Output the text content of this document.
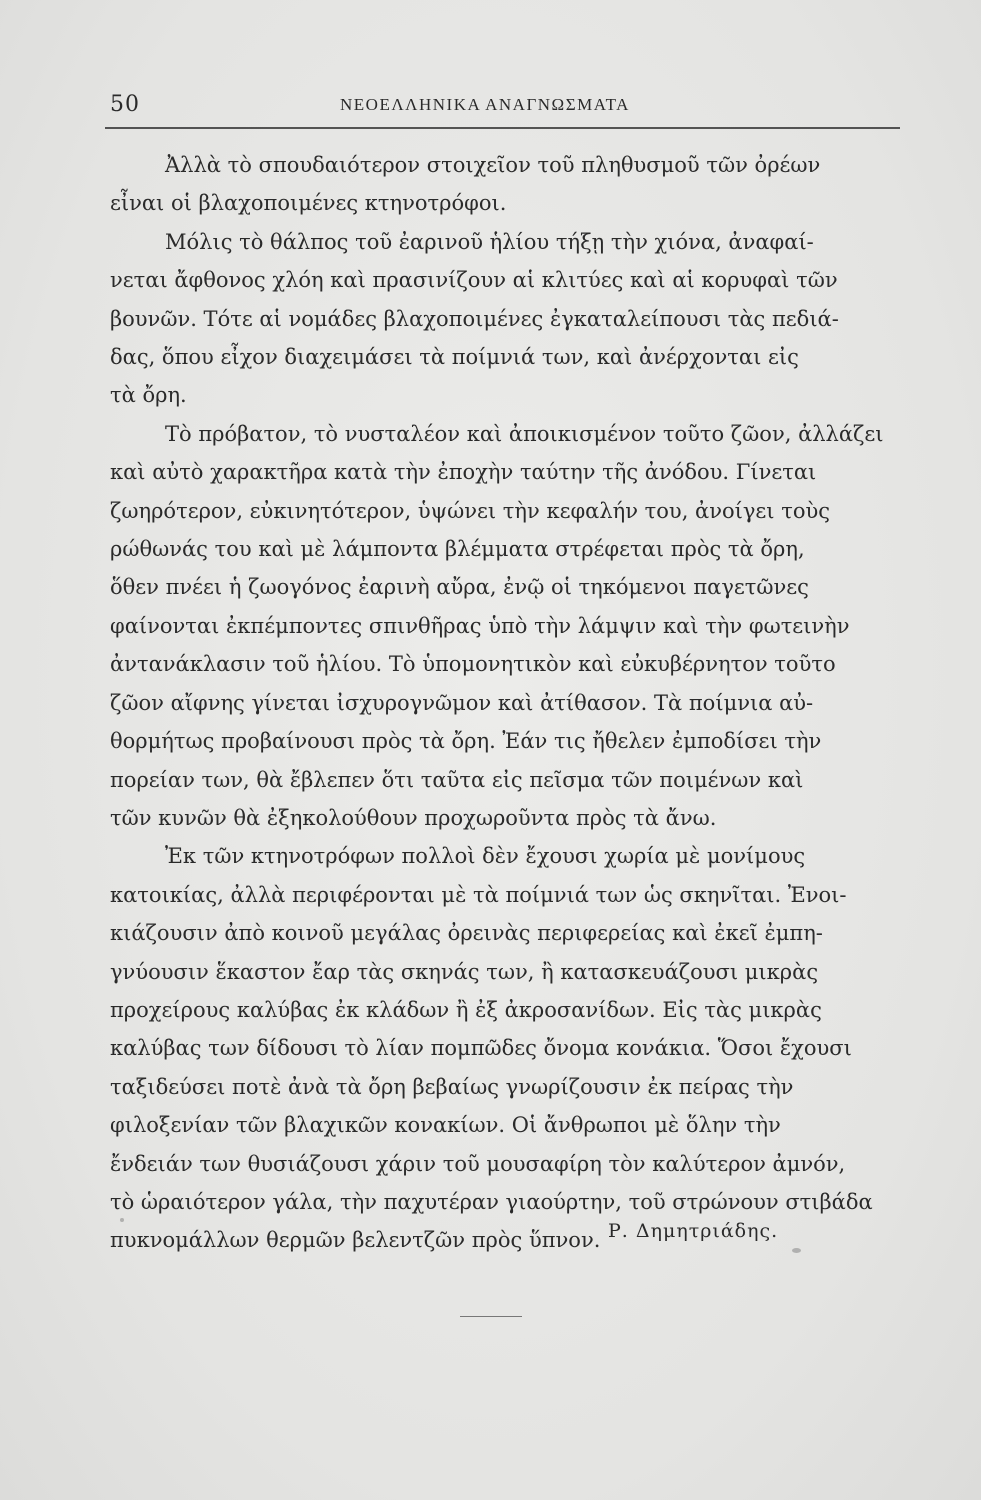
50	ΝΕΟΕΛΛΗΝΙΚΑ ΑΝΑΓΝΩΣΜΑΤΑ

Ἀλλὰ τὸ σπουδαιότερον στοιχεῖον τοῦ πληθυσμοῦ τῶν ὀρέων
εἶναι οἱ βλαχοποιμένες κτηνοτρόφοι.

Μόλις τὸ θάλπος τοῦ ἐαρινοῦ ἡλίου τήξῃ τὴν χιόνα, ἀναφαί-
νεται ἄφθονος χλόη καὶ πρασινίζουν αἱ κλιτύες καὶ αἱ κορυφαὶ τῶν
βουνῶν. Τότε αἱ νομάδες βλαχοποιμένες ἐγκαταλείπουσι τὰς πεδιά-
δας, ὅπου εἶχον διαχειμάσει τὰ ποίμνιά των, καὶ ἀνέρχονται εἰς
τὰ ὄρη.

Τὸ πρόβατον, τὸ νυσταλέον καὶ ἀποικισμένον τοῦτο ζῶον, ἀλλάζει
καὶ αὐτὸ χαρακτῆρα κατὰ τὴν ἐποχὴν ταύτην τῆς ἀνόδου. Γίνεται
ζωηρότερον, εὐκινητότερον, ὑψώνει τὴν κεφαλήν του, ἀνοίγει τοὺς
ρώθωνάς του καὶ μὲ λάμποντα βλέμματα στρέφεται πρὸς τὰ ὄρη,
ὅθεν πνέει ἡ ζωογόνος ἐαρινὴ αὔρα, ἐνῷ οἱ τηκόμενοι παγετῶνες
φαίνονται ἐκπέμποντες σπινθῆρας ὑπὸ τὴν λάμψιν καὶ τὴν φωτεινὴν
ἀντανάκλασιν τοῦ ἡλίου. Τὸ ὑπομονητικὸν καὶ εὐκυβέρνητον τοῦτο
ζῶον αἴφνης γίνεται ἰσχυρογνῶμον καὶ ἀτίθασον. Τὰ ποίμνια αὐ-
θορμήτως προβαίνουσι πρὸς τὰ ὄρη. Ἐάν τις ἤθελεν ἐμποδίσει τὴν
πορείαν των, θὰ ἔβλεπεν ὅτι ταῦτα εἰς πεῖσμα τῶν ποιμένων καὶ
τῶν κυνῶν θὰ ἐξηκολούθουν προχωροῦντα πρὸς τὰ ἄνω.

Ἐκ τῶν κτηνοτρόφων πολλοὶ δὲν ἔχουσι χωρία μὲ μονίμους
κατοικίας, ἀλλὰ περιφέρονται μὲ τὰ ποίμνιά των ὡς σκηνῖται. Ἐνοι-
κιάζουσιν ἀπὸ κοινοῦ μεγάλας ὀρεινὰς περιφερείας καὶ ἐκεῖ ἐμπη-
γνύουσιν ἕκαστον ἔαρ τὰς σκηνάς των, ἢ κατασκευάζουσι μικρὰς
προχείρους καλύβας ἐκ κλάδων ἢ ἐξ ἀκροσανίδων. Εἰς τὰς μικρὰς
καλύβας των δίδουσι τὸ λίαν πομπῶδες ὄνομα κονάκια. Ὅσοι ἔχουσι
ταξιδεύσει ποτὲ ἀνὰ τὰ ὄρη βεβαίως γνωρίζουσιν ἐκ πείρας τὴν
φιλοξενίαν τῶν βλαχικῶν κονακίων. Οἱ ἄνθρωποι μὲ ὅλην τὴν
ἔνδειάν των θυσιάζουσι χάριν τοῦ μουσαφίρη τὸν καλύτερον ἀμνόν,
τὸ ὡραιότερον γάλα, τὴν παχυτέραν γιαούρτην, τοῦ στρώνουν στιβάδα
πυκνομάλλων θερμῶν βελεντζῶν πρὸς ὕπνον. Ρ. Δημητριάδης.
